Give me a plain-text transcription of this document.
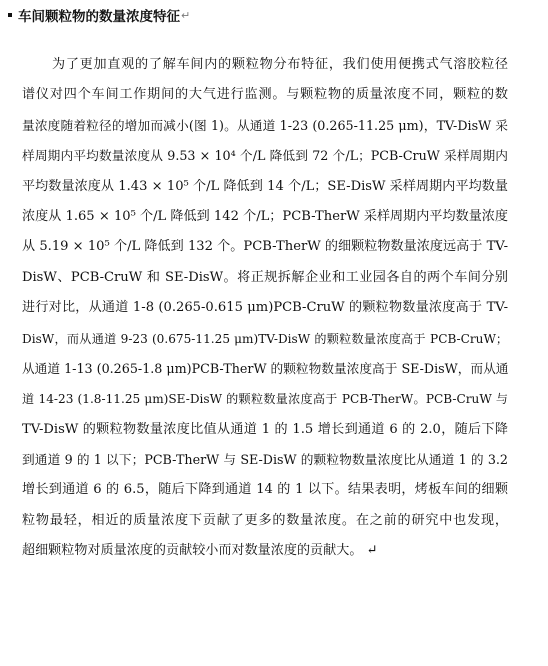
车间颗粒物的数量浓度特征 ↵
为了更加直观的了解车间内的颗粒物分布特征，我们使用便携式气溶胶粒径
谱仪对四个车间工作期间的大气进行监测。与颗粒物的质量浓度不同，颗粒的数
量浓度随着粒径的增加而减小(图 1)。从通道 1-23 (0.265-11.25 μm)，TV-DisW 采
样周期内平均数量浓度从 9.53 × 10⁴ 个/L 降低到 72 个/L；PCB-CruW 采样周期内
平均数量浓度从 1.43 × 10⁵ 个/L 降低到 14 个/L；SE-DisW 采样周期内平均数量
浓度从 1.65 × 10⁵ 个/L 降低到 142 个/L；PCB-TherW 采样周期内平均数量浓度
从 5.19 × 10⁵ 个/L 降低到 132 个。PCB-TherW 的细颗粒物数量浓度远高于 TV-
DisW、PCB-CruW 和 SE-DisW。将正规拆解企业和工业园各自的两个车间分别
进行对比，从通道 1-8 (0.265-0.615 μm)PCB-CruW 的颗粒物数量浓度高于 TV-
DisW，而从通道 9-23 (0.675-11.25 μm)TV-DisW 的颗粒数量浓度高于 PCB-CruW；
从通道 1-13 (0.265-1.8 μm)PCB-TherW 的颗粒物数量浓度高于 SE-DisW，而从通
道 14-23 (1.8-11.25 μm)SE-DisW 的颗粒数量浓度高于 PCB-TherW。PCB-CruW 与
TV-DisW 的颗粒物数量浓度比值从通道 1 的 1.5 增长到通道 6 的 2.0，随后下降
到通道 9 的 1 以下；PCB-TherW 与 SE-DisW 的颗粒物数量浓度比从通道 1 的 3.2
增长到通道 6 的 6.5，随后下降到通道 14 的 1 以下。结果表明，烤板车间的细颗
粒物最轻，相近的质量浓度下贡献了更多的数量浓度。在之前的研究中也发现，
超细颗粒物对质量浓度的贡献较小而对数量浓度的贡献大。 ↵
